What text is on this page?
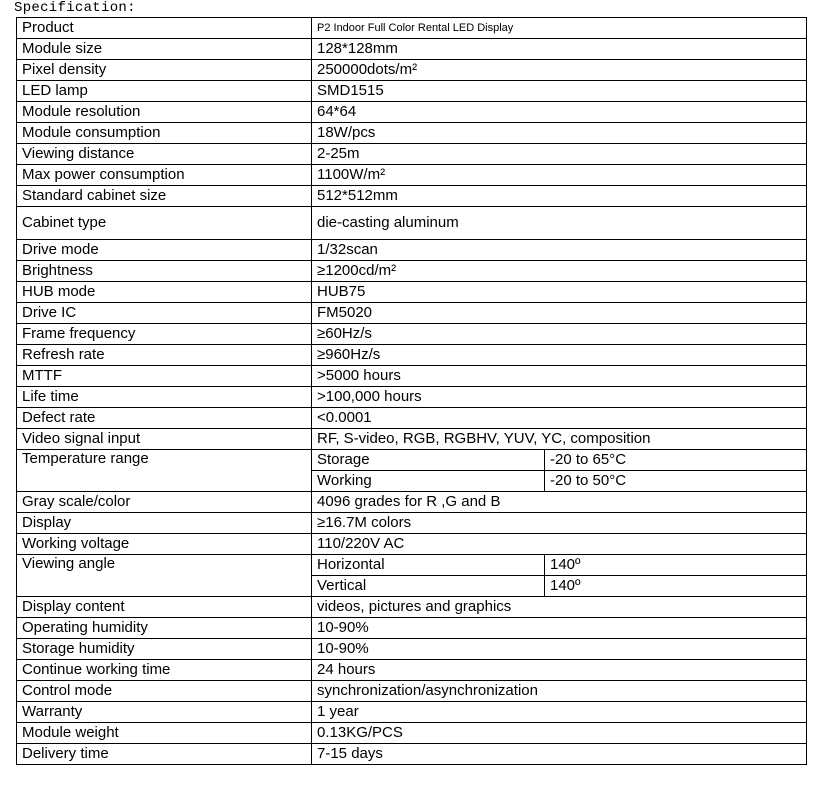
Specification:
Product	P2 Indoor Full Color Rental LED Display	
Module size	128*128mm	
Pixel density	250000dots/m²	
LED lamp	SMD1515	
Module resolution	64*64	
Module consumption	18W/pcs	
Viewing distance	2-25m	
Max power consumption	1100W/m²	
Standard cabinet size	512*512mm	
Cabinet type	die-casting aluminum	
Drive mode	1/32scan	
Brightness	≥1200cd/m²	
HUB mode	HUB75	
Drive IC	FM5020	
Frame frequency	≥60Hz/s	
Refresh rate	≥960Hz/s	
MTTF	>5000 hours	
Life time	>100,000 hours	
Defect rate	<0.0001	
Video signal input	RF, S-video, RGB, RGBHV, YUV, YC, composition	
Temperature range	Storage	-20 to 65°C
	Working	-20 to 50°C
Gray scale/color	4096 grades for R ,G and B	
Display	≥16.7M colors	
Working voltage	110/220V AC	
Viewing angle	Horizontal	140º
	Vertical	140º
Display content	videos, pictures and graphics	
Operating humidity	10-90%	
Storage humidity	10-90%	
Continue working time	24 hours	
Control mode	synchronization/asynchronization	
Warranty	1 year	
Module weight	0.13KG/PCS	
Delivery time	7-15 days	
